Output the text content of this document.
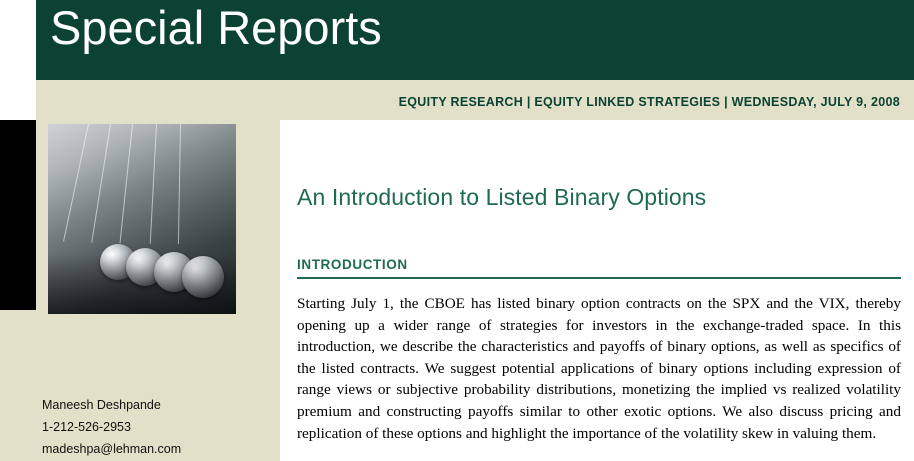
Special Reports
EQUITY RESEARCH | EQUITY LINKED STRATEGIES | WEDNESDAY, JULY 9, 2008
Maneesh Deshpande
1-212-526-2953
madeshpa@lehman.com
An Introduction to Listed Binary Options
INTRODUCTION

Starting July 1, the CBOE has listed binary option contracts on the SPX and the VIX, thereby opening up a wider range of strategies for investors in the exchange-traded space. In this introduction, we describe the characteristics and payoffs of binary options, as well as specifics of the listed contracts. We suggest potential applications of binary options including expression of range views or subjective probability distributions, monetizing the implied vs realized volatility premium and constructing payoffs similar to other exotic options. We also discuss pricing and replication of these options and highlight the importance of the volatility skew in valuing them.
